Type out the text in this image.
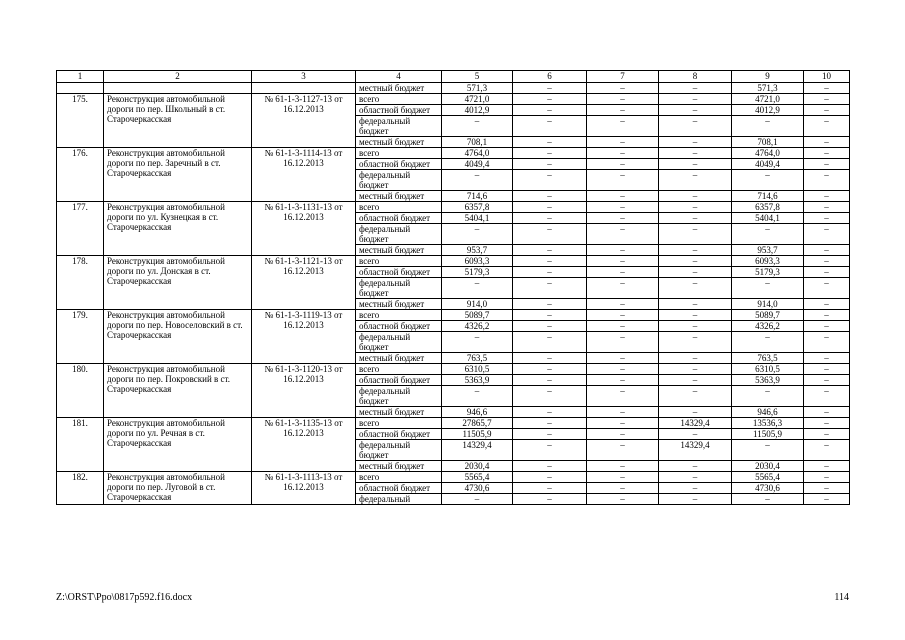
1	2	3	4	5	6	7	8	9	10
			местный бюджет	571,3	–	–	–	571,3	–
175.	Реконструкция автомобильной дороги по пер. Школьный в ст. Старочеркасская	№ 61-1-3-1127-13 от 16.12.2013	всего	4721,0	–	–	–	4721,0	–
			областной бюджет	4012,9	–	–	–	4012,9	–
			федеральный бюджет	–	–	–	–	–	–
			местный бюджет	708,1	–	–	–	708,1	–
176.	Реконструкция автомобильной дороги по пер. Заречный в ст. Старочеркасская	№ 61-1-3-1114-13 от 16.12.2013	всего	4764,0	–	–	–	4764,0	–
			областной бюджет	4049,4	–	–	–	4049,4	–
			федеральный бюджет	–	–	–	–	–	–
			местный бюджет	714,6	–	–	–	714,6	–
177.	Реконструкция автомобильной дороги по ул. Кузнецкая в ст. Старочеркасская	№ 61-1-3-1131-13 от 16.12.2013	всего	6357,8	–	–	–	6357,8	–
			областной бюджет	5404,1	–	–	–	5404,1	–
			федеральный бюджет	–	–	–	–	–	–
			местный бюджет	953,7	–	–	–	953,7	–
178.	Реконструкция автомобильной дороги по ул. Донская в ст. Старочеркасская	№ 61-1-3-1121-13 от 16.12.2013	всего	6093,3	–	–	–	6093,3	–
			областной бюджет	5179,3	–	–	–	5179,3	–
			федеральный бюджет	–	–	–	–	–	–
			местный бюджет	914,0	–	–	–	914,0	–
179.	Реконструкция автомобильной дороги по пер. Новоселовский в ст. Старочеркасская	№ 61-1-3-1119-13 от 16.12.2013	всего	5089,7	–	–	–	5089,7	–
			областной бюджет	4326,2	–	–	–	4326,2	–
			федеральный бюджет	–	–	–	–	–	–
			местный бюджет	763,5	–	–	–	763,5	–
180.	Реконструкция автомобильной дороги по пер. Покровский в ст. Старочеркасская	№ 61-1-3-1120-13 от 16.12.2013	всего	6310,5	–	–	–	6310,5	–
			областной бюджет	5363,9	–	–	–	5363,9	–
			федеральный бюджет	–	–	–	–	–	–
			местный бюджет	946,6	–	–	–	946,6	–
181.	Реконструкция автомобильной дороги по ул. Речная в ст. Старочеркасская	№ 61-1-3-1135-13 от 16.12.2013	всего	27865,7	–	–	14329,4	13536,3	–
			областной бюджет	11505,9	–	–	–	11505,9	–
			федеральный бюджет	14329,4	–	–	14329,4	–	–
			местный бюджет	2030,4	–	–	–	2030,4	–
182.	Реконструкция автомобильной дороги по пер. Луговой в ст. Старочеркасская	№ 61-1-3-1113-13 от 16.12.2013	всего	5565,4	–	–	–	5565,4	–
			областной бюджет	4730,6	–	–	–	4730,6	–
			федеральный	–	–	–	–	–	–
Z:\ORST\Ppo\0817p592.f16.docx	114
